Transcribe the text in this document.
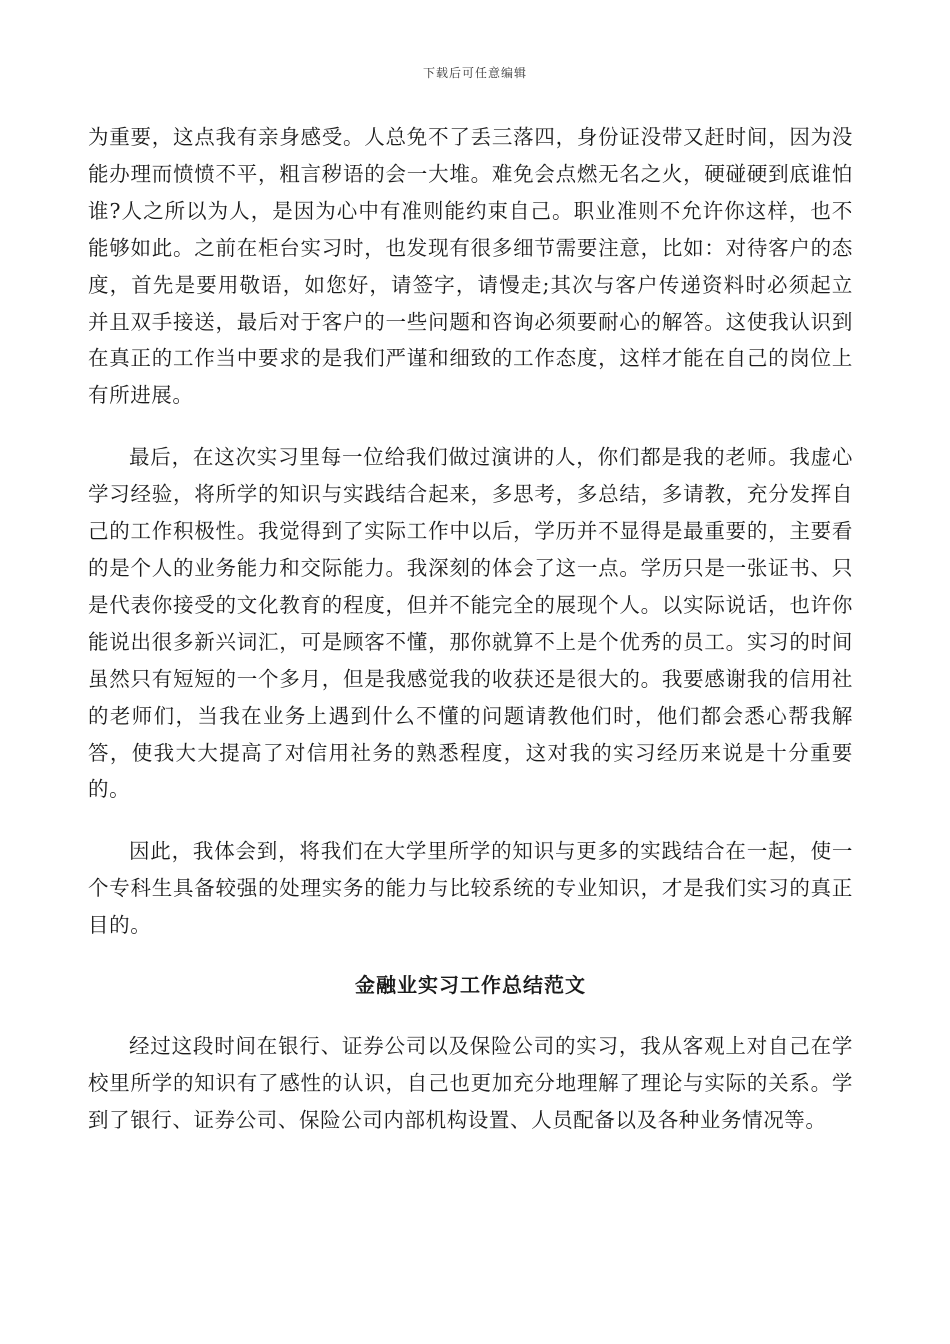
下载后可任意编辑

为重要，这点我有亲身感受。人总免不了丢三落四，身份证没带又赶时间，因为没能办理而愤愤不平，粗言秽语的会一大堆。难免会点燃无名之火，硬碰硬到底谁怕谁?人之所以为人，是因为心中有准则能约束自己。职业准则不允许你这样，也不能够如此。之前在柜台实习时，也发现有很多细节需要注意，比如：对待客户的态度，首先是要用敬语，如您好，请签字，请慢走;其次与客户传递资料时必须起立并且双手接送，最后对于客户的一些问题和咨询必须要耐心的解答。这使我认识到在真正的工作当中要求的是我们严谨和细致的工作态度，这样才能在自己的岗位上有所进展。

最后，在这次实习里每一位给我们做过演讲的人，你们都是我的老师。我虚心学习经验，将所学的知识与实践结合起来，多思考，多总结，多请教，充分发挥自己的工作积极性。我觉得到了实际工作中以后，学历并不显得是最重要的，主要看的是个人的业务能力和交际能力。我深刻的体会了这一点。学历只是一张证书、只是代表你接受的文化教育的程度，但并不能完全的展现个人。以实际说话，也许你能说出很多新兴词汇，可是顾客不懂，那你就算不上是个优秀的员工。实习的时间虽然只有短短的一个多月，但是我感觉我的收获还是很大的。我要感谢我的信用社的老师们，当我在业务上遇到什么不懂的问题请教他们时，他们都会悉心帮我解答，使我大大提高了对信用社务的熟悉程度，这对我的实习经历来说是十分重要的。

因此，我体会到，将我们在大学里所学的知识与更多的实践结合在一起，使一个专科生具备较强的处理实务的能力与比较系统的专业知识，才是我们实习的真正目的。

金融业实习工作总结范文

经过这段时间在银行、证券公司以及保险公司的实习，我从客观上对自己在学校里所学的知识有了感性的认识，自己也更加充分地理解了理论与实际的关系。学到了银行、证券公司、保险公司内部机构设置、人员配备以及各种业务情况等。
